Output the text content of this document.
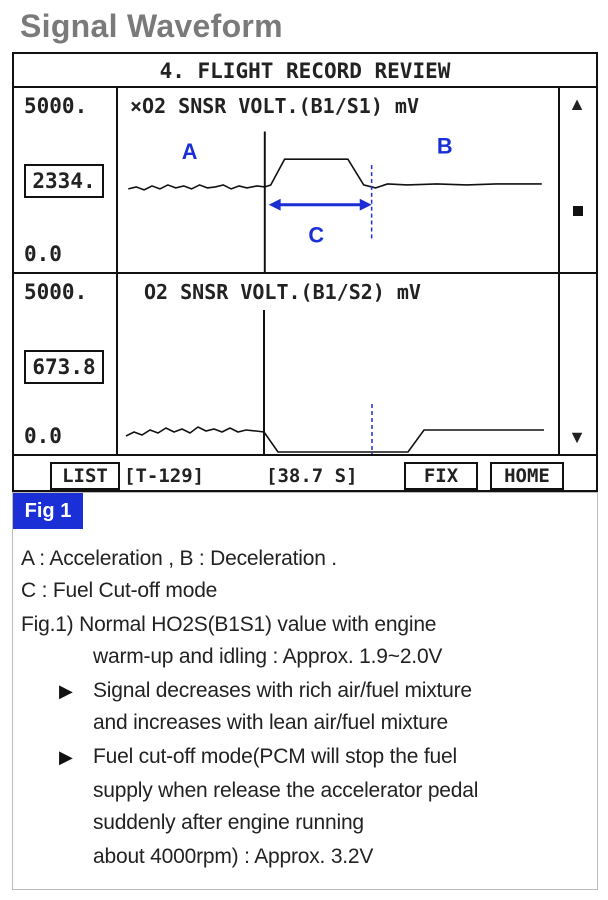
Signal Waveform
4. FLIGHT RECORD REVIEW
5000.
2334.
0.0
×O2 SNSR VOLT.(B1/S1) mV
A	B
C
▲
5000.
673.8
0.0
O2 SNSR VOLT.(B1/S2) mV
▼
LIST [T-129]	[38.7 S]	FIX	HOME
Fig 1
A : Acceleration , B : Deceleration .
C : Fuel Cut-off mode
Fig.1) Normal HO2S(B1S1) value with engine
warm-up and idling : Approx. 1.9~2.0V
▶ Signal decreases with rich air/fuel mixture
and increases with lean air/fuel mixture
▶ Fuel cut-off mode(PCM will stop the fuel
supply when release the accelerator pedal
suddenly after engine running
about 4000rpm) : Approx. 3.2V
